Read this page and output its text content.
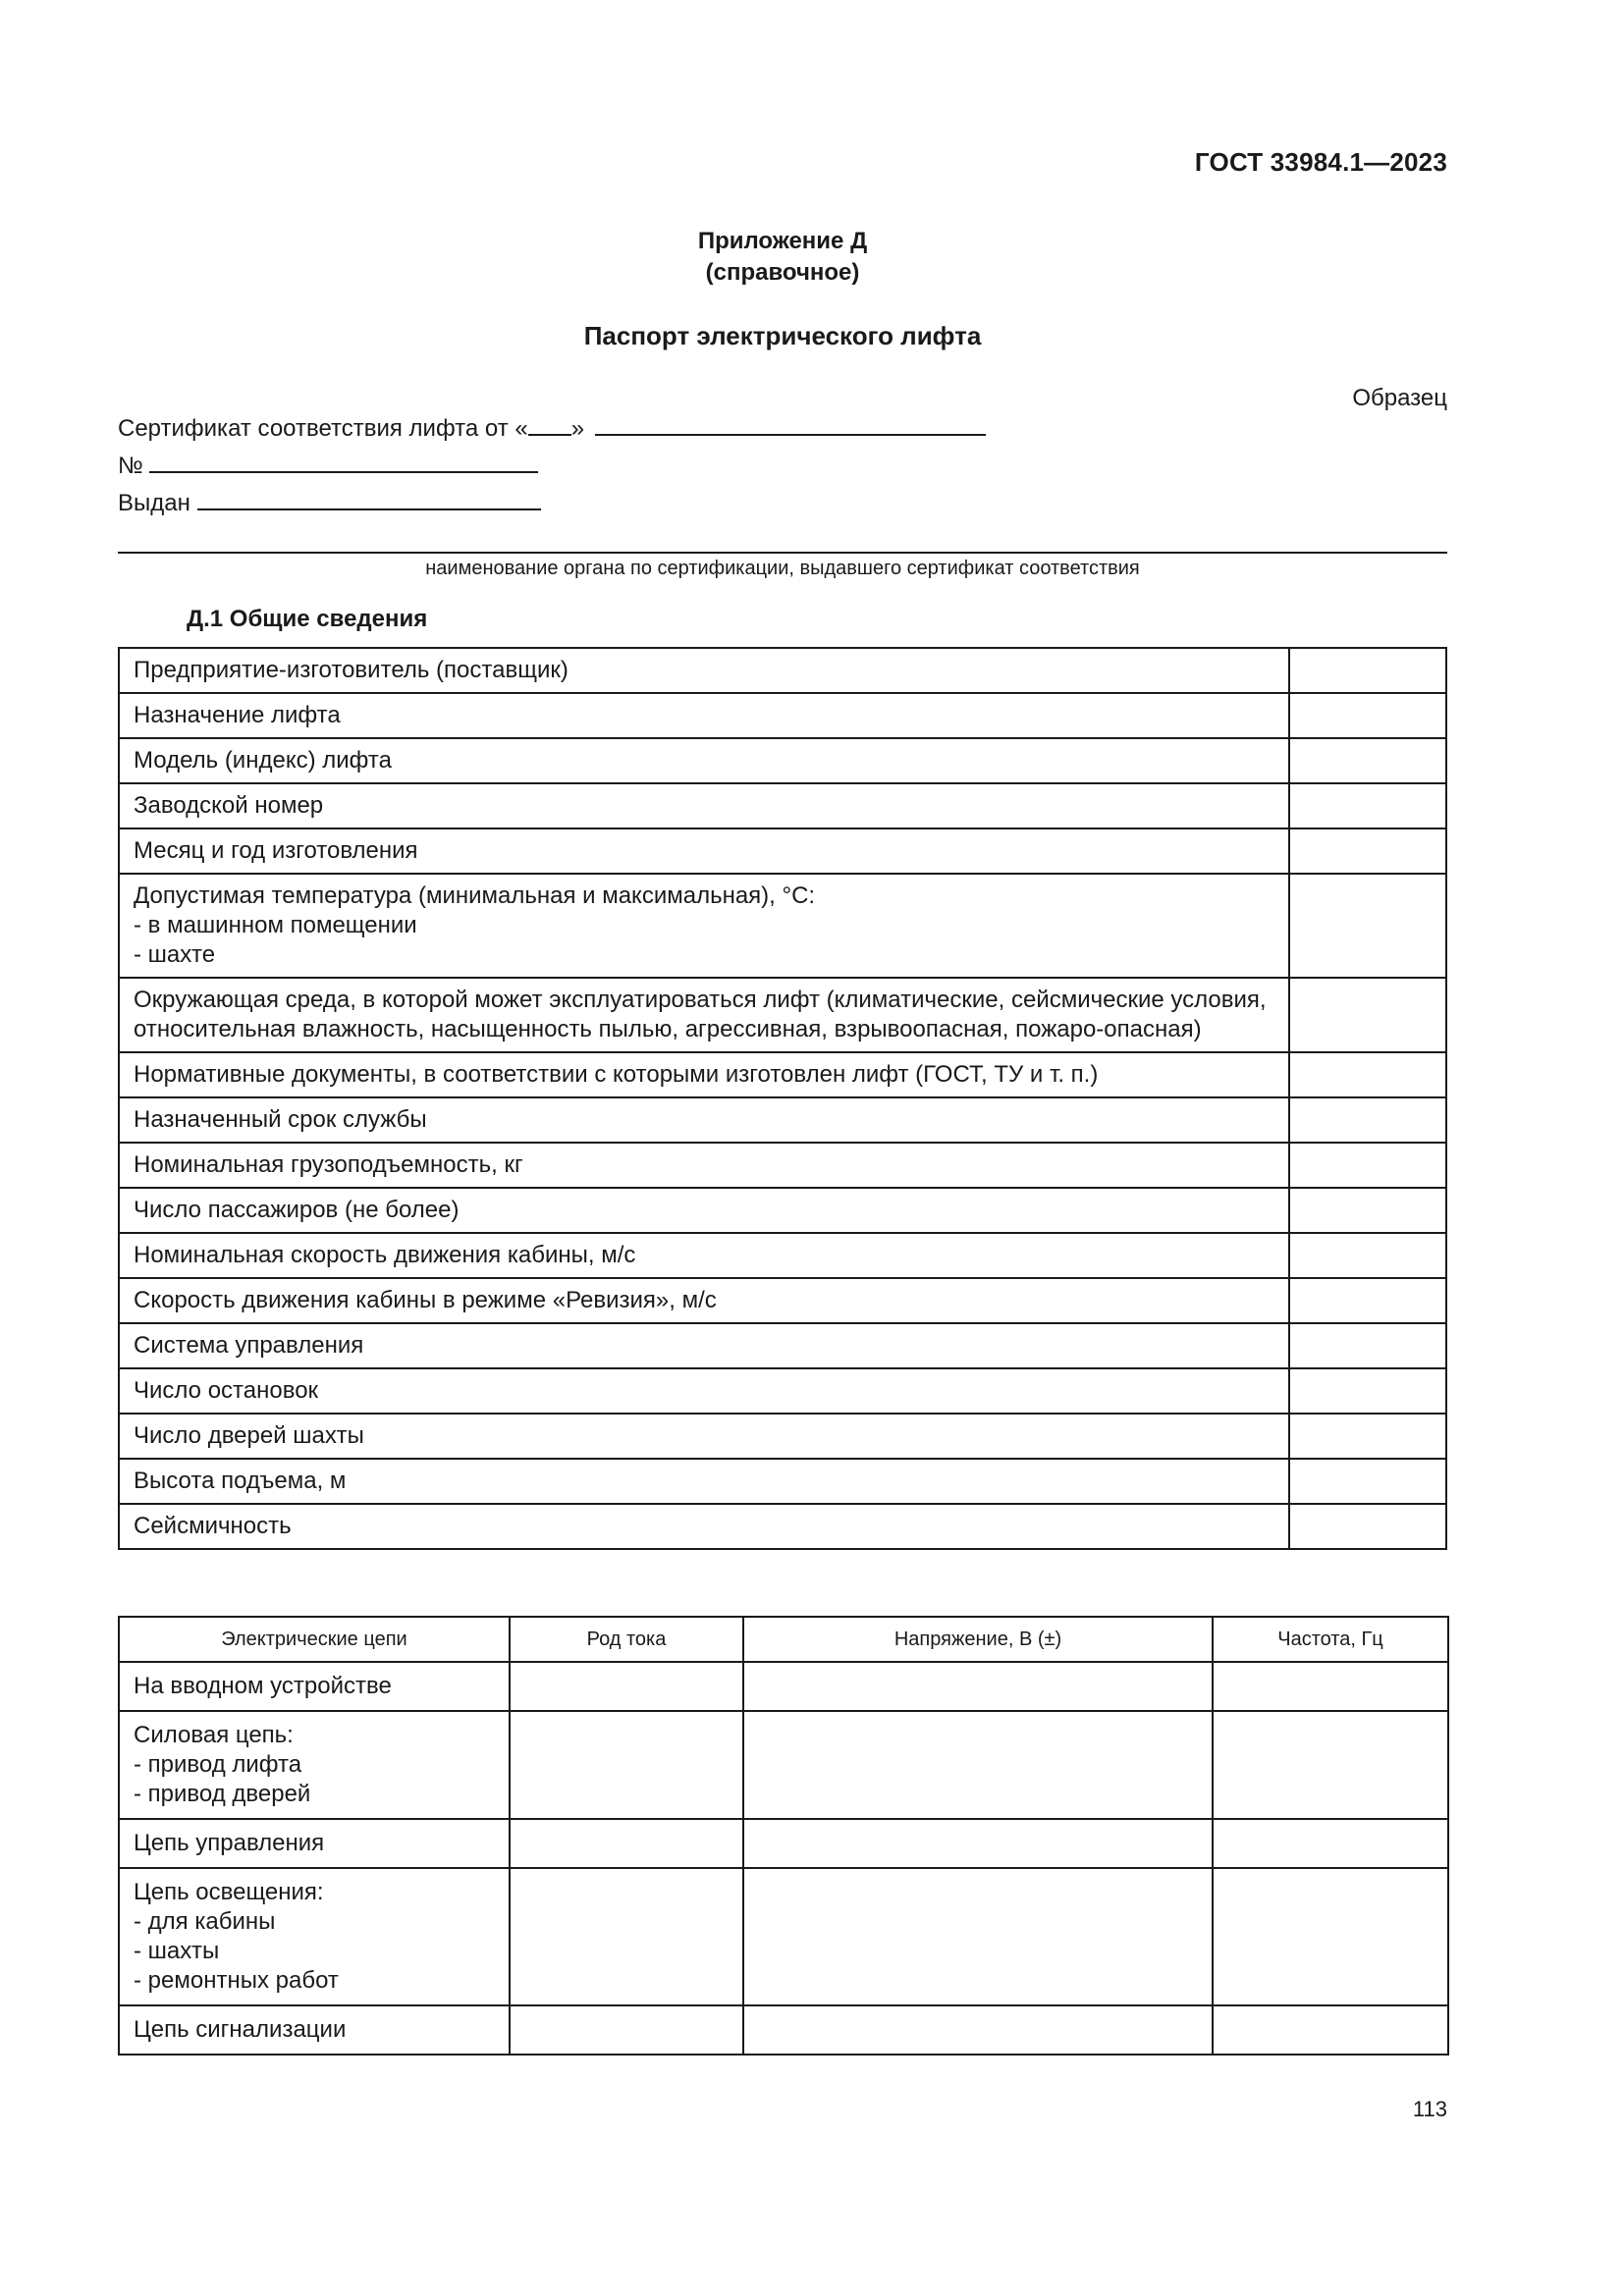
ГОСТ 33984.1—2023
Приложение Д
(справочное)
Паспорт электрического лифта
Образец
Сертификат соответствия лифта от « »
№
Выдан
наименование органа по сертификации, выдавшего сертификат соответствия
Д.1 Общие сведения
Предприятие-изготовитель (поставщик)	
Назначение лифта	
Модель (индекс) лифта	
Заводской номер	
Месяц и год изготовления	
Допустимая температура (минимальная и максимальная), °С:
- в машинном помещении
- шахте	
Окружающая среда, в которой может эксплуатироваться лифт (климатические, сейсмические условия, относительная влажность, насыщенность пылью, агрессивная, взрывоопасная, пожаро-опасная)	
Нормативные документы, в соответствии с которыми изготовлен лифт (ГОСТ, ТУ и т. п.)	
Назначенный срок службы	
Номинальная грузоподъемность, кг	
Число пассажиров (не более)	
Номинальная скорость движения кабины, м/с	
Скорость движения кабины в режиме «Ревизия», м/с	
Система управления	
Число остановок	
Число дверей шахты	
Высота подъема, м	
Сейсмичность	
Электрические цепи	Род тока	Напряжение, В (±)	Частота, Гц
На вводном устройстве			
Силовая цепь:
- привод лифта
- привод дверей			
Цепь управления			
Цепь освещения:
- для кабины
- шахты
- ремонтных работ			
Цепь сигнализации			
113
